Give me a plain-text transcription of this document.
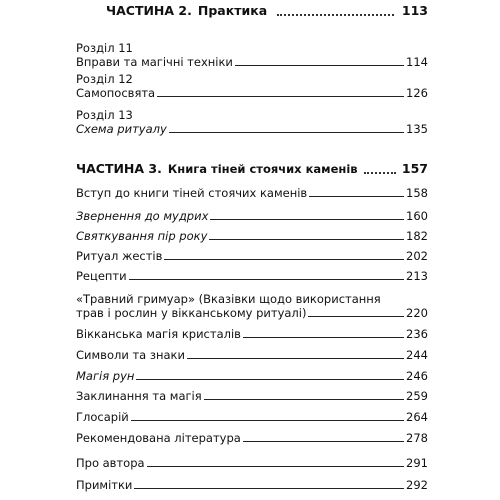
ЧАСТИНА 2. Практика	113
Розділ 11
Вправи та магічні техніки	114
Розділ 12
Самопосвята	126
Розділ 13
Схема ритуалу	135
ЧАСТИНА 3. Книга тіней стоячих каменів	157
Вступ до книги тіней стоячих каменів	158
Звернення до мудрих	160
Святкування пір року	182
Ритуал жестів	202
Рецепти	213
«Травний гримуар» (Вказівки щодо використання
трав і рослин у вікканському ритуалі)	220
Вікканська магія кристалів	236
Символи та знаки	244
Магія рун	246
Заклинання та магія	259
Глосарій	264
Рекомендована література	278
Про автора	291
Примітки	292
